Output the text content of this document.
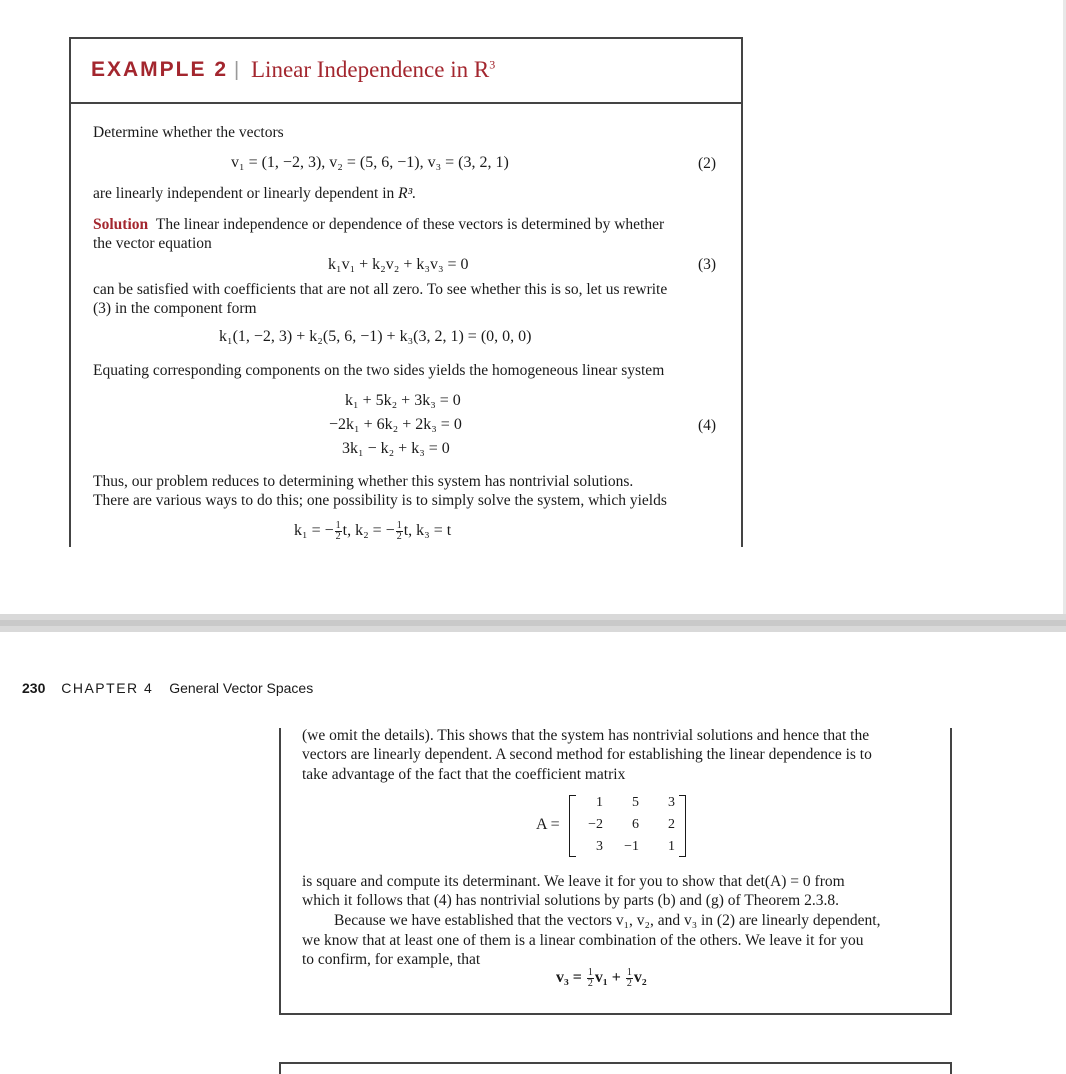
EXAMPLE 2 | Linear Independence in $R^3$
Determine whether the vectors
v₁ = (1, −2, 3), v₂ = (5, 6, −1), v₃ = (3, 2, 1)	(2)
are linearly independent or linearly dependent in R³.
Solution The linear independence or dependence of these vectors is determined by whether
the vector equation
k₁v₁ + k₂v₂ + k₃v₃ = 0	(3)
can be satisfied with coefficients that are not all zero. To see whether this is so, let us rewrite
(3) in the component form
k₁(1, −2, 3) + k₂(5, 6, −1) + k₃(3, 2, 1) = (0, 0, 0)
Equating corresponding components on the two sides yields the homogeneous linear system
k₁ + 5k₂ + 3k₃ = 0
−2k₁ + 6k₂ + 2k₃ = 0
3k₁ − k₂ + k₃ = 0
(4)
Thus, our problem reduces to determining whether this system has nontrivial solutions.
There are various ways to do this; one possibility is to simply solve the system, which yields
k₁ = − $\frac{1}{2} t$, k₂ = − $\frac{1}{2} t$, k₃ = t
230 CHAPTER 4 General Vector Spaces
(we omit the details). This shows that the system has nontrivial solutions and hence that the
vectors are linearly dependent. A second method for establishing the linear dependence is to
take advantage of the fact that the coefficient matrix
A =
1	5	3
−2	6	2
3	−1	1
is square and compute its determinant. We leave it for you to show that det(A) = 0 from
which it follows that (4) has nontrivial solutions by parts (b) and (g) of Theorem 2.3.8.
Because we have established that the vectors v₁, v₂, and v₃ in (2) are linearly dependent,
we know that at least one of them is a linear combination of the others. We leave it for you
to confirm, for example, that
$v_3 = \frac{1}{2} v_1 + \frac{1}{2} v_2$
